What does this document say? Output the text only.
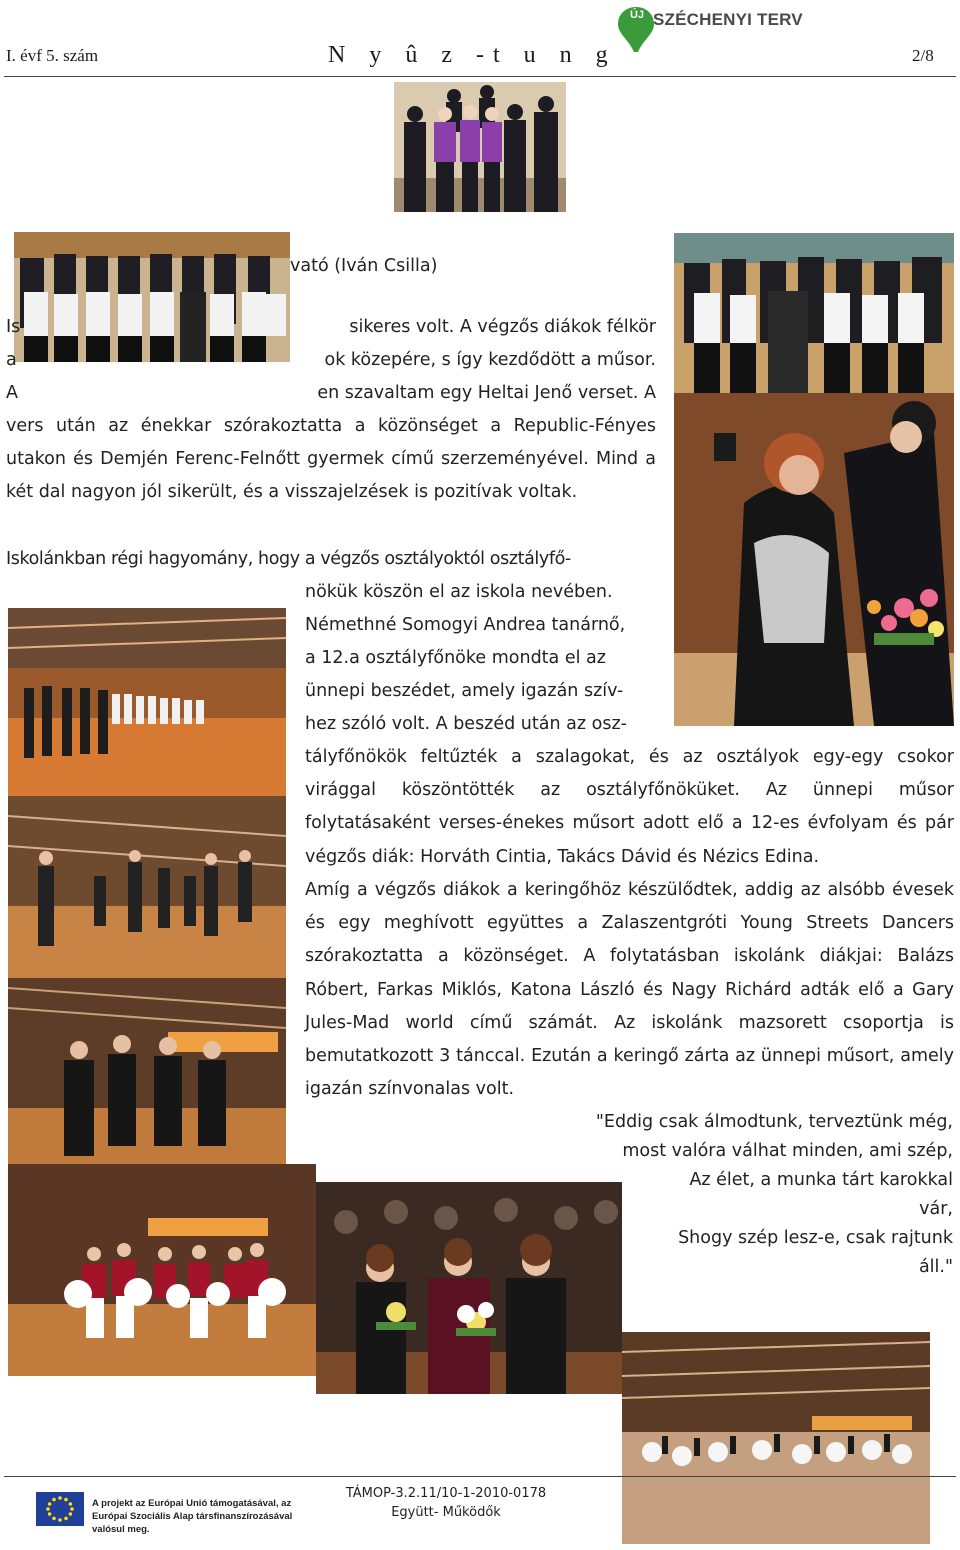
I. évf 5. szám	N y û z -t u n g	2/8
ÚJ SZÉCHENYI TERV
vató (Iván Csilla)
Is	sikeres volt. A végzős diákok félkör
a	ok közepére, s így kezdődött a műsor.
A	en szavaltam egy Heltai Jenő verset. A
vers után az énekkar szórakoztatta a közönséget a Republic-Fényes utakon és Demjén Ferenc-Felnőtt gyermek című szerzeményével. Mind a két dal nagyon jól sikerült, és a visszajelzések is pozitívak voltak.
Iskolánkban régi hagyomány, hogy a végzős osztályoktól osztályfő-
nökük köszön el az iskola nevében.
Némethné Somogyi Andrea tanárnő,
a 12.a osztályfőnöke mondta el az
ünnepi beszédet, amely igazán szív-
hez szóló volt. A beszéd után az osz-
tályfőnökök feltűzték a szalagokat, és az osztályok egy-egy csokor virággal köszöntötték az osztályfőnöküket. Az ünnepi műsor folytatásaként verses-énekes műsort adott elő a 12-es évfolyam és pár végzős diák: Horváth Cintia, Takács Dávid és Nézics Edina.
Amíg a végzős diákok a keringőhöz készülődtek, addig az alsóbb évesek és egy meghívott együttes a Zalaszentgróti Young Streets Dancers szórakoztatta a közönséget. A folytatásban iskolánk diákjai: Balázs Róbert, Farkas Miklós, Katona László és Nagy Richárd adták elő a Gary Jules-Mad world című számát. Az iskolánk mazsorett csoportja is bemutatkozott 3 tánccal. Ezután a keringő zárta az ünnepi műsort, amely igazán színvonalas volt.
"Eddig csak álmodtunk, terveztünk még,
most valóra válhat minden, ami szép,
Az élet, a munka tárt karokkal
vár,
Shogy szép lesz-e, csak rajtunk
áll."
A projekt az Európai Unió támogatásával, az Európai Szociális Alap társfinanszírozásával valósul meg.
TÁMOP-3.2.11/10-1-2010-0178
Együtt- Működők
